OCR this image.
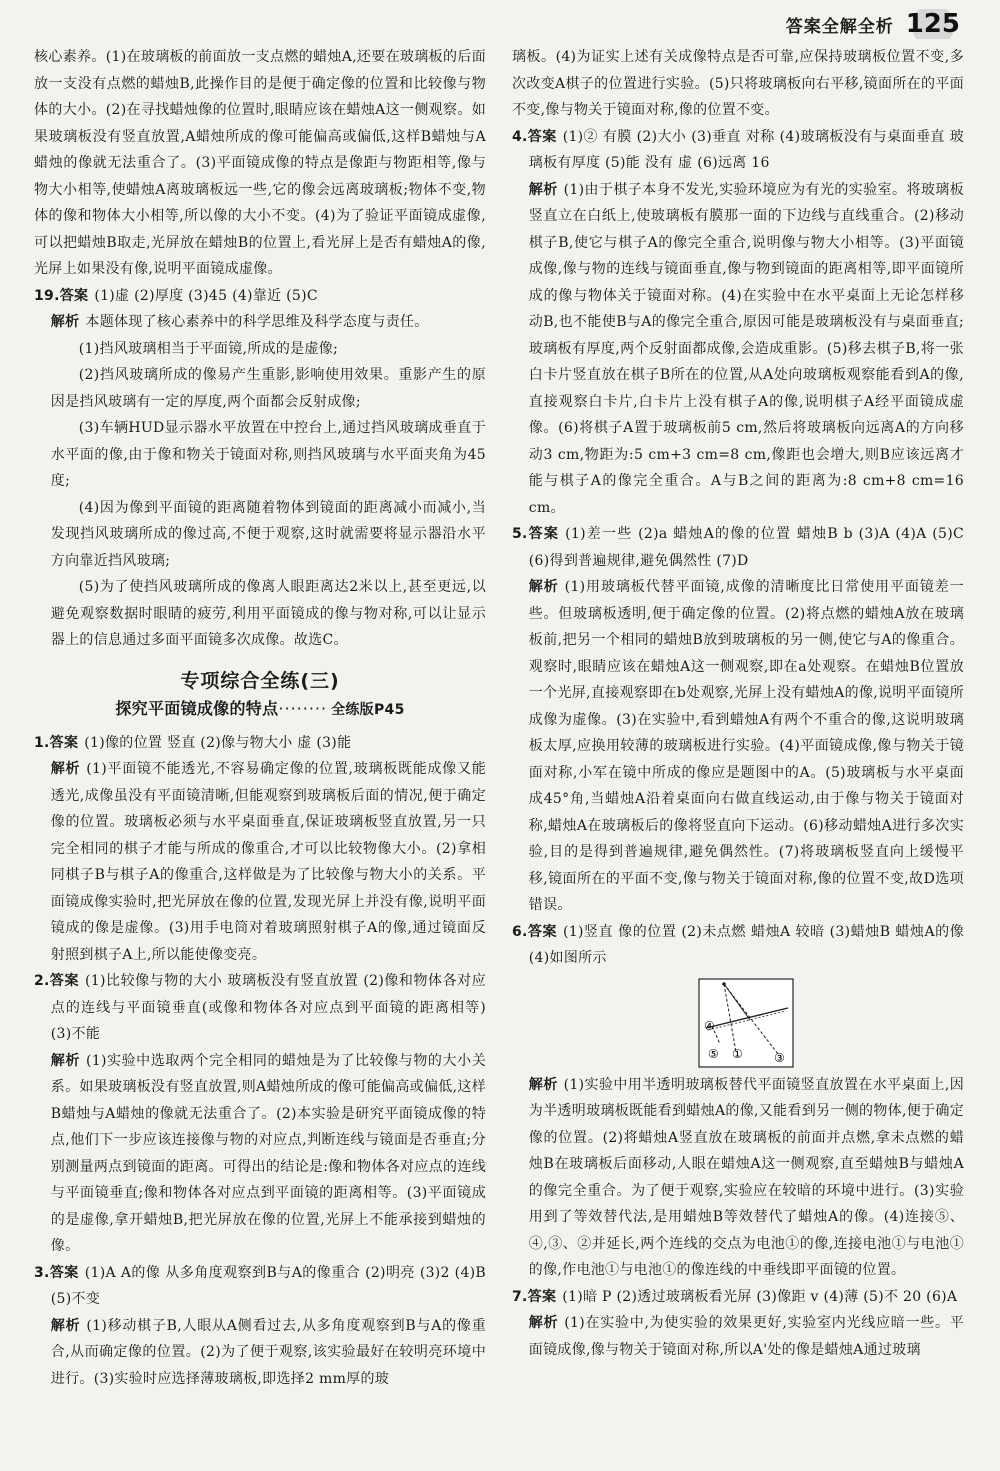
答案全解全析 125

核心素养。(1)在玻璃板的前面放一支点燃的蜡烛A,还要在玻璃板的后面放一支没有点燃的蜡烛B,此操作目的是便于确定像的位置和比较像与物体的大小。(2)在寻找蜡烛像的位置时,眼睛应该在蜡烛A这一侧观察。如果玻璃板没有竖直放置,A蜡烛所成的像可能偏高或偏低,这样B蜡烛与A蜡烛的像就无法重合了。(3)平面镜成像的特点是像距与物距相等,像与物大小相等,使蜡烛A离玻璃板远一些,它的像会远离玻璃板;物体不变,物体的像和物体大小相等,所以像的大小不变。(4)为了验证平面镜成虚像,可以把蜡烛B取走,光屏放在蜡烛B的位置上,看光屏上是否有蜡烛A的像,光屏上如果没有像,说明平面镜成虚像。

19.答案 (1)虚 (2)厚度 (3)45 (4)靠近 (5)C

解析 本题体现了核心素养中的科学思维及科学态度与责任。

(1)挡风玻璃相当于平面镜,所成的是虚像;

(2)挡风玻璃所成的像易产生重影,影响使用效果。重影产生的原因是挡风玻璃有一定的厚度,两个面都会反射成像;

(3)车辆HUD显示器水平放置在中控台上,通过挡风玻璃成垂直于水平面的像,由于像和物关于镜面对称,则挡风玻璃与水平面夹角为45度;

(4)因为像到平面镜的距离随着物体到镜面的距离减小而减小,当发现挡风玻璃所成的像过高,不便于观察,这时就需要将显示器沿水平方向靠近挡风玻璃;

(5)为了使挡风玻璃所成的像离人眼距离达2米以上,甚至更远,以避免观察数据时眼睛的疲劳,利用平面镜成的像与物对称,可以让显示器上的信息通过多面平面镜多次成像。故选C。

专项综合全练(三)
探究平面镜成像的特点········ 全练版P45

1.答案 (1)像的位置 竖直 (2)像与物大小 虚 (3)能

解析 (1)平面镜不能透光,不容易确定像的位置,玻璃板既能成像又能透光,成像虽没有平面镜清晰,但能观察到玻璃板后面的情况,便于确定像的位置。玻璃板必须与水平桌面垂直,保证玻璃板竖直放置,另一只完全相同的棋子才能与所成的像重合,才可以比较物像大小。(2)拿相同棋子B与棋子A的像重合,这样做是为了比较像与物大小的关系。平面镜成像实验时,把光屏放在像的位置,发现光屏上并没有像,说明平面镜成的像是虚像。(3)用手电筒对着玻璃照射棋子A的像,通过镜面反射照到棋子A上,所以能使像变亮。

2.答案 (1)比较像与物的大小 玻璃板没有竖直放置 (2)像和物体各对应点的连线与平面镜垂直(或像和物体各对应点到平面镜的距离相等) (3)不能

解析 (1)实验中选取两个完全相同的蜡烛是为了比较像与物的大小关系。如果玻璃板没有竖直放置,则A蜡烛所成的像可能偏高或偏低,这样B蜡烛与A蜡烛的像就无法重合了。(2)本实验是研究平面镜成像的特点,他们下一步应该连接像与物的对应点,判断连线与镜面是否垂直;分别测量两点到镜面的距离。可得出的结论是:像和物体各对应点的连线与平面镜垂直;像和物体各对应点到平面镜的距离相等。(3)平面镜成的是虚像,拿开蜡烛B,把光屏放在像的位置,光屏上不能承接到蜡烛的像。

3.答案 (1)A A的像 从多角度观察到B与A的像重合 (2)明亮 (3)2 (4)B (5)不变

解析 (1)移动棋子B,人眼从A侧看过去,从多角度观察到B与A的像重合,从而确定像的位置。(2)为了便于观察,该实验最好在较明亮环境中进行。(3)实验时应选择薄玻璃板,即选择2 mm厚的玻

璃板。(4)为证实上述有关成像特点是否可靠,应保持玻璃板位置不变,多次改变A棋子的位置进行实验。(5)只将玻璃板向右平移,镜面所在的平面不变,像与物关于镜面对称,像的位置不变。

4.答案 (1)② 有膜 (2)大小 (3)垂直 对称 (4)玻璃板没有与桌面垂直 玻璃板有厚度 (5)能 没有 虚 (6)远离 16

解析 (1)由于棋子本身不发光,实验环境应为有光的实验室。将玻璃板竖直立在白纸上,使玻璃板有膜那一面的下边线与直线重合。(2)移动棋子B,使它与棋子A的像完全重合,说明像与物大小相等。(3)平面镜成像,像与物的连线与镜面垂直,像与物到镜面的距离相等,即平面镜所成的像与物体关于镜面对称。(4)在实验中在水平桌面上无论怎样移动B,也不能使B与A的像完全重合,原因可能是玻璃板没有与桌面垂直;玻璃板有厚度,两个反射面都成像,会造成重影。(5)移去棋子B,将一张白卡片竖直放在棋子B所在的位置,从A处向玻璃板观察能看到A的像,直接观察白卡片,白卡片上没有棋子A的像,说明棋子A经平面镜成虚像。(6)将棋子A置于玻璃板前5 cm,然后将玻璃板向远离A的方向移动3 cm,物距为:5 cm+3 cm=8 cm,像距也会增大,则B应该远离才能与棋子A的像完全重合。A与B之间的距离为:8 cm+8 cm=16 cm。

5.答案 (1)差一些 (2)a 蜡烛A的像的位置 蜡烛B b (3)A (4)A (5)C (6)得到普遍规律,避免偶然性 (7)D

解析 (1)用玻璃板代替平面镜,成像的清晰度比日常使用平面镜差一些。但玻璃板透明,便于确定像的位置。(2)将点燃的蜡烛A放在玻璃板前,把另一个相同的蜡烛B放到玻璃板的另一侧,使它与A的像重合。观察时,眼睛应该在蜡烛A这一侧观察,即在a处观察。在蜡烛B位置放一个光屏,直接观察即在b处观察,光屏上没有蜡烛A的像,说明平面镜所成像为虚像。(3)在实验中,看到蜡烛A有两个不重合的像,这说明玻璃板太厚,应换用较薄的玻璃板进行实验。(4)平面镜成像,像与物关于镜面对称,小军在镜中所成的像应是题图中的A。(5)玻璃板与水平桌面成45°角,当蜡烛A沿着桌面向右做直线运动,由于像与物关于镜面对称,蜡烛A在玻璃板后的像将竖直向下运动。(6)移动蜡烛A进行多次实验,目的是得到普遍规律,避免偶然性。(7)将玻璃板竖直向上缓慢平移,镜面所在的平面不变,像与物关于镜面对称,像的位置不变,故D选项错误。

6.答案 (1)竖直 像的位置 (2)未点燃 蜡烛A 较暗 (3)蜡烛B 蜡烛A的像 (4)如图所示

④
⑤ ①	③

解析 (1)实验中用半透明玻璃板替代平面镜竖直放置在水平桌面上,因为半透明玻璃板既能看到蜡烛A的像,又能看到另一侧的物体,便于确定像的位置。(2)将蜡烛A竖直放在玻璃板的前面并点燃,拿未点燃的蜡烛B在玻璃板后面移动,人眼在蜡烛A这一侧观察,直至蜡烛B与蜡烛A的像完全重合。为了便于观察,实验应在较暗的环境中进行。(3)实验用到了等效替代法,是用蜡烛B等效替代了蜡烛A的像。(4)连接⑤、④,③、②并延长,两个连线的交点为电池①的像,连接电池①与电池①的像,作电池①与电池①的像连线的中垂线即平面镜的位置。

7.答案 (1)暗 P (2)透过玻璃板看光屏 (3)像距 v (4)薄 (5)不 20 (6)A

解析 (1)在实验中,为使实验的效果更好,实验室内光线应暗一些。平面镜成像,像与物关于镜面对称,所以A'处的像是蜡烛A通过玻璃
